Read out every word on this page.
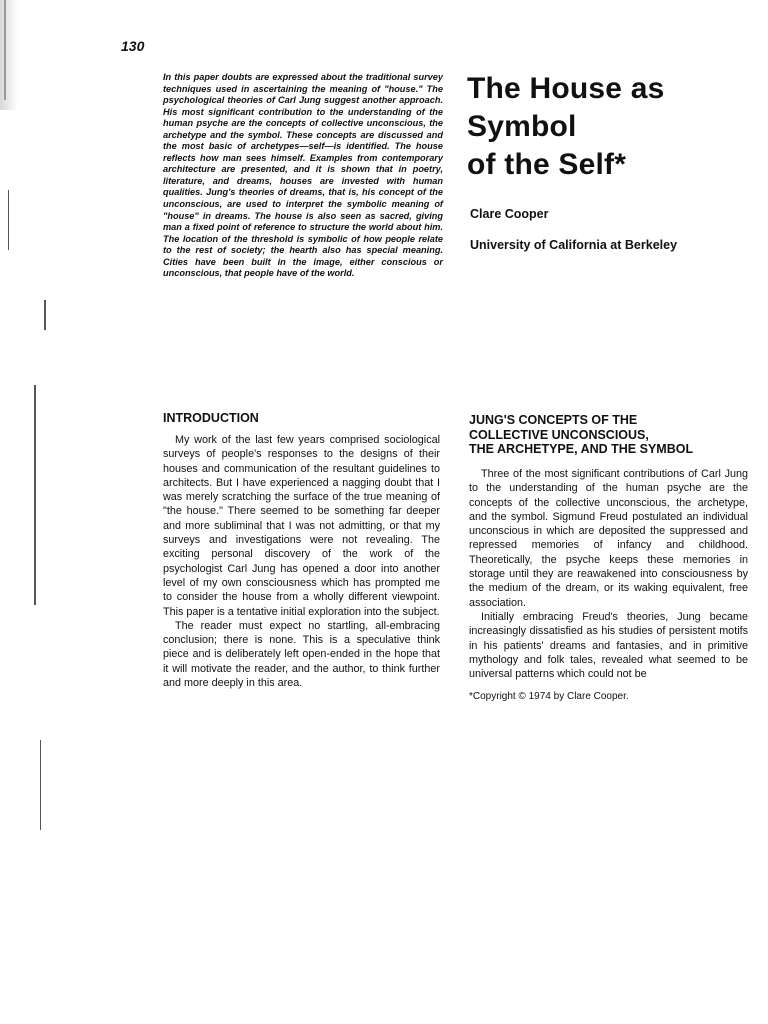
130

In this paper doubts are expressed about the traditional survey techniques used in ascertaining the meaning of "house." The psychological theories of Carl Jung suggest another approach. His most significant contribution to the understanding of the human psyche are the concepts of collective unconscious, the archetype and the symbol. These concepts are discussed and the most basic of archetypes—self—is identified. The house reflects how man sees himself. Examples from contemporary architecture are presented, and it is shown that in poetry, literature, and dreams, houses are invested with human qualities. Jung's theories of dreams, that is, his concept of the unconscious, are used to interpret the symbolic meaning of "house" in dreams. The house is also seen as sacred, giving man a fixed point of reference to structure the world about him. The location of the threshold is symbolic of how people relate to the rest of society; the hearth also has special meaning. Cities have been built in the image, either conscious or unconscious, that people have of the world.

The House as
Symbol
of the Self*

Clare Cooper

University of California at Berkeley

INTRODUCTION

My work of the last few years comprised sociological surveys of people's responses to the designs of their houses and communication of the resultant guidelines to architects. But I have experienced a nagging doubt that I was merely scratching the surface of the true meaning of "the house." There seemed to be something far deeper and more subliminal that I was not admitting, or that my surveys and investigations were not revealing. The exciting personal discovery of the work of the psychologist Carl Jung has opened a door into another level of my own consciousness which has prompted me to consider the house from a wholly different viewpoint. This paper is a tentative initial exploration into the subject.

The reader must expect no startling, all-embracing conclusion; there is none. This is a speculative think piece and is deliberately left open-ended in the hope that it will motivate the reader, and the author, to think further and more deeply in this area.

JUNG'S CONCEPTS OF THE
COLLECTIVE UNCONSCIOUS,
THE ARCHETYPE, AND THE SYMBOL

Three of the most significant contributions of Carl Jung to the understanding of the human psyche are the concepts of the collective unconscious, the archetype, and the symbol. Sigmund Freud postulated an individual unconscious in which are deposited the suppressed and repressed memories of infancy and childhood. Theoretically, the psyche keeps these memories in storage until they are reawakened into consciousness by the medium of the dream, or its waking equivalent, free association.

Initially embracing Freud's theories, Jung became increasingly dissatisfied as his studies of persistent motifs in his patients' dreams and fantasies, and in primitive mythology and folk tales, revealed what seemed to be universal patterns which could not be

*Copyright © 1974 by Clare Cooper.
